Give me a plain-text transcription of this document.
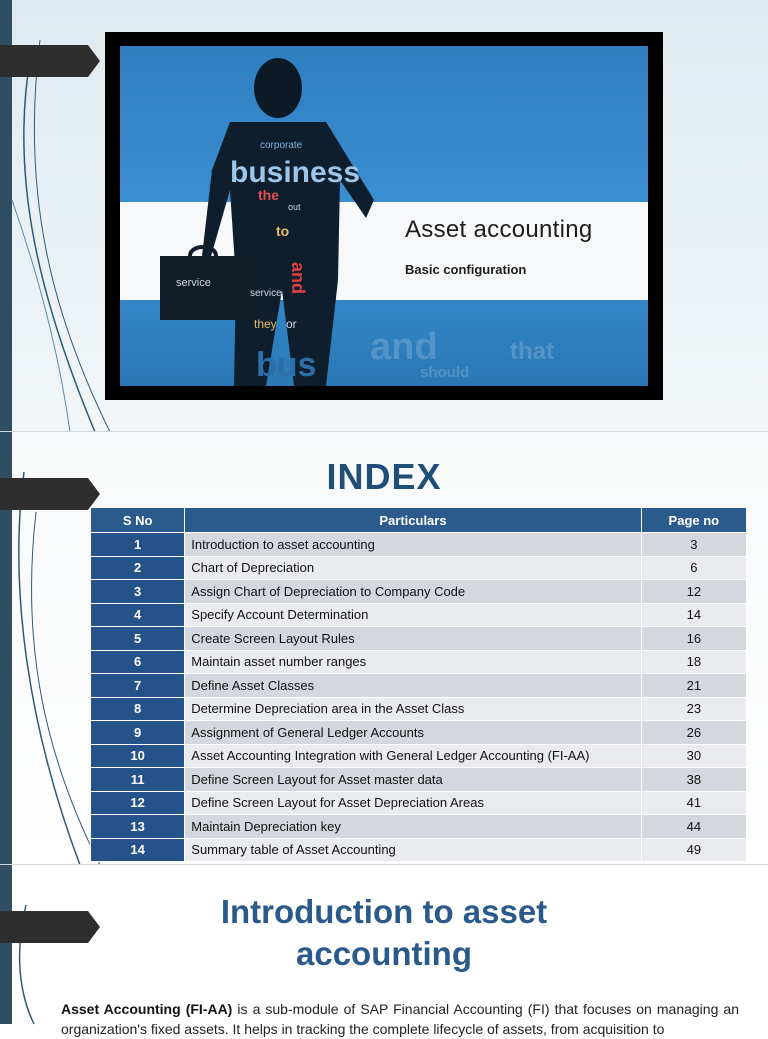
and	that
should
business
corporate
the
out
to
and
service
they or
service
bus
Asset accounting
Basic configuration
INDEX
S No	Particulars	Page no
1	Introduction to asset accounting	3
2	Chart of Depreciation	6
3	Assign Chart of Depreciation to Company Code	12
4	Specify Account Determination	14
5	Create Screen Layout Rules	16
6	Maintain asset number ranges	18
7	Define Asset Classes	21
8	Determine Depreciation area in the Asset Class	23
9	Assignment of General Ledger Accounts	26
10	Asset Accounting Integration with General Ledger Accounting (FI-AA)	30
11	Define Screen Layout for Asset master data	38
12	Define Screen Layout for Asset Depreciation Areas	41
13	Maintain Depreciation key	44
14	Summary table of Asset Accounting	49
Introduction to asset
accounting
Asset Accounting (FI-AA) is a sub-module of SAP Financial Accounting (FI) that focuses on managing an organization's fixed assets. It helps in tracking the complete lifecycle of assets, from acquisition to
